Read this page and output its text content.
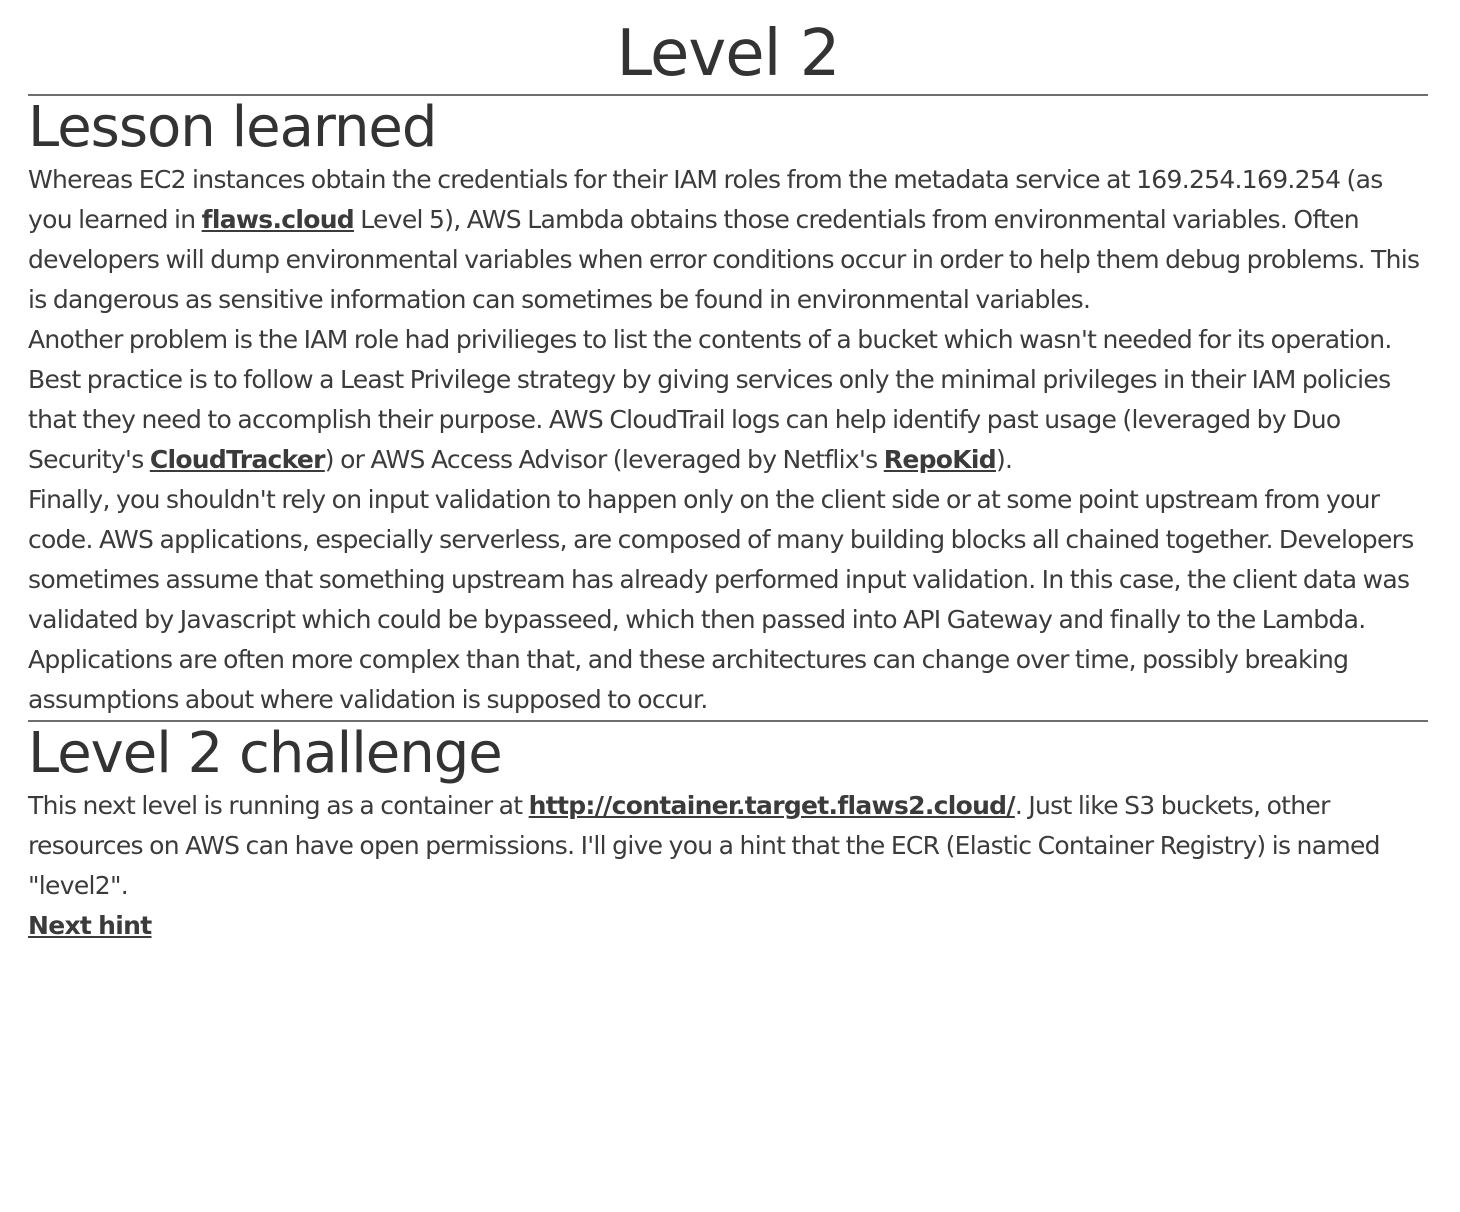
Level 2
Lesson learned

Whereas EC2 instances obtain the credentials for their IAM roles from the metadata service at 169.254.169.254 (as you learned in flaws.cloud Level 5), AWS Lambda obtains those credentials from environmental variables. Often developers will dump environmental variables when error conditions occur in order to help them debug problems. This is dangerous as sensitive information can sometimes be found in environmental variables.

Another problem is the IAM role had privilieges to list the contents of a bucket which wasn't needed for its operation. Best practice is to follow a Least Privilege strategy by giving services only the minimal privileges in their IAM policies that they need to accomplish their purpose. AWS CloudTrail logs can help identify past usage (leveraged by Duo Security's CloudTracker) or AWS Access Advisor (leveraged by Netflix's RepoKid).

Finally, you shouldn't rely on input validation to happen only on the client side or at some point upstream from your code. AWS applications, especially serverless, are composed of many building blocks all chained together. Developers sometimes assume that something upstream has already performed input validation. In this case, the client data was validated by Javascript which could be bypasseed, which then passed into API Gateway and finally to the Lambda. Applications are often more complex than that, and these architectures can change over time, possibly breaking assumptions about where validation is supposed to occur.

Level 2 challenge

This next level is running as a container at http://container.target.flaws2.cloud/. Just like S3 buckets, other resources on AWS can have open permissions. I'll give you a hint that the ECR (Elastic Container Registry) is named "level2".

Next hint
